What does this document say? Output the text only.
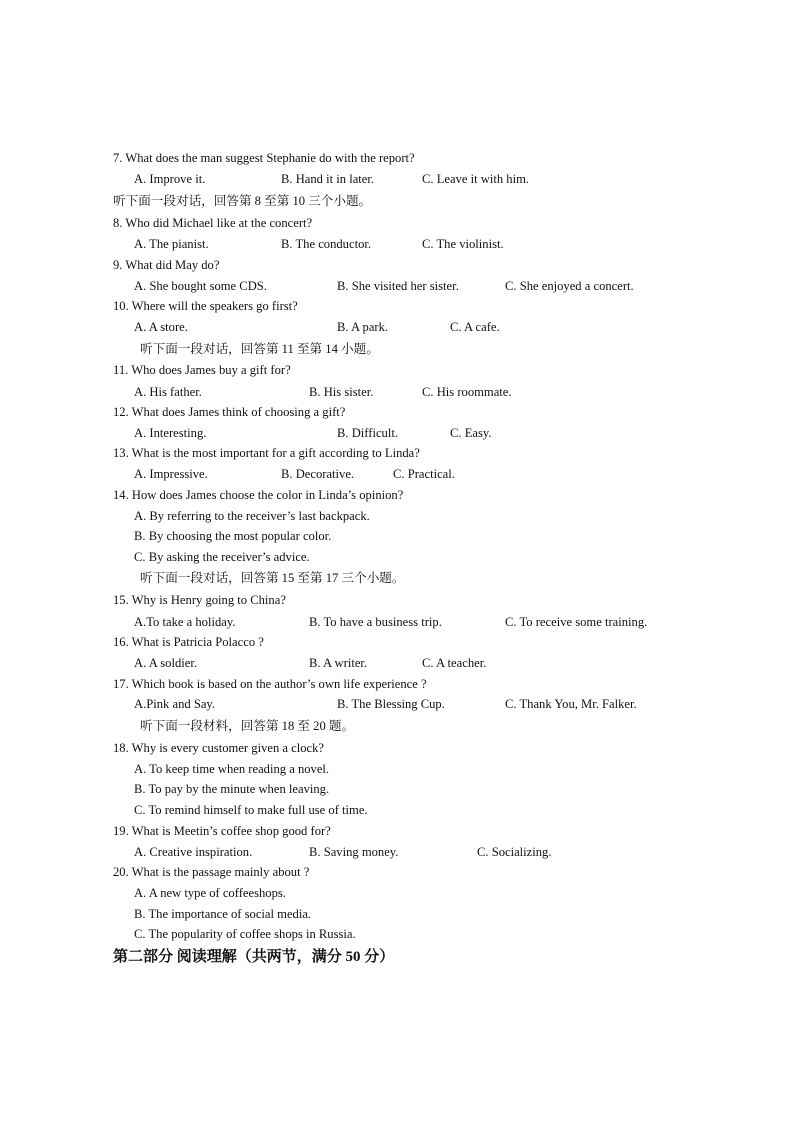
7. What does the man suggest Stephanie do with the report?
A. Improve it.	B. Hand it in later.	C. Leave it with him.
听下面一段对话，回答第 8 至第 10 三个小题。
8. Who did Michael like at the concert?
A. The pianist.	B. The conductor.	C. The violinist.
9. What did May do?
A. She bought some CDS.	B. She visited her sister.	C. She enjoyed a concert.
10. Where will the speakers go first?
A. A store.	B. A park.	C. A cafe.
听下面一段对话，回答第 11 至第 14 小题。
11. Who does James buy a gift for?
A. His father.	B. His sister.	C. His roommate.
12. What does James think of choosing a gift?
A. Interesting.	B. Difficult.	C. Easy.
13. What is the most important for a gift according to Linda?
A. Impressive.	B. Decorative.	C. Practical.
14. How does James choose the color in Linda’s opinion?
A. By referring to the receiver’s last backpack.
B. By choosing the most popular color.
C. By asking the receiver’s advice.
听下面一段对话，回答第 15 至第 17 三个小题。
15. Why is Henry going to China?
A.To take a holiday.	B. To have a business trip.	C. To receive some training.
16. What is Patricia Polacco ?
A. A soldier.	B. A writer.	C. A teacher.
17. Which book is based on the author’s own life experience ?
A.Pink and Say.	B. The Blessing Cup.	C. Thank You, Mr. Falker.
听下面一段材料，回答第 18 至 20 题。
18. Why is every customer given a clock?
A. To keep time when reading a novel.
B. To pay by the minute when leaving.
C. To remind himself to make full use of time.
19. What is Meetin’s coffee shop good for?
A. Creative inspiration.	B. Saving money.	C. Socializing.
20. What is the passage mainly about ?
A. A new type of coffeeshops.
B. The importance of social media.
C. The popularity of coffee shops in Russia.
第二部分 阅读理解（共两节，满分 50 分）
